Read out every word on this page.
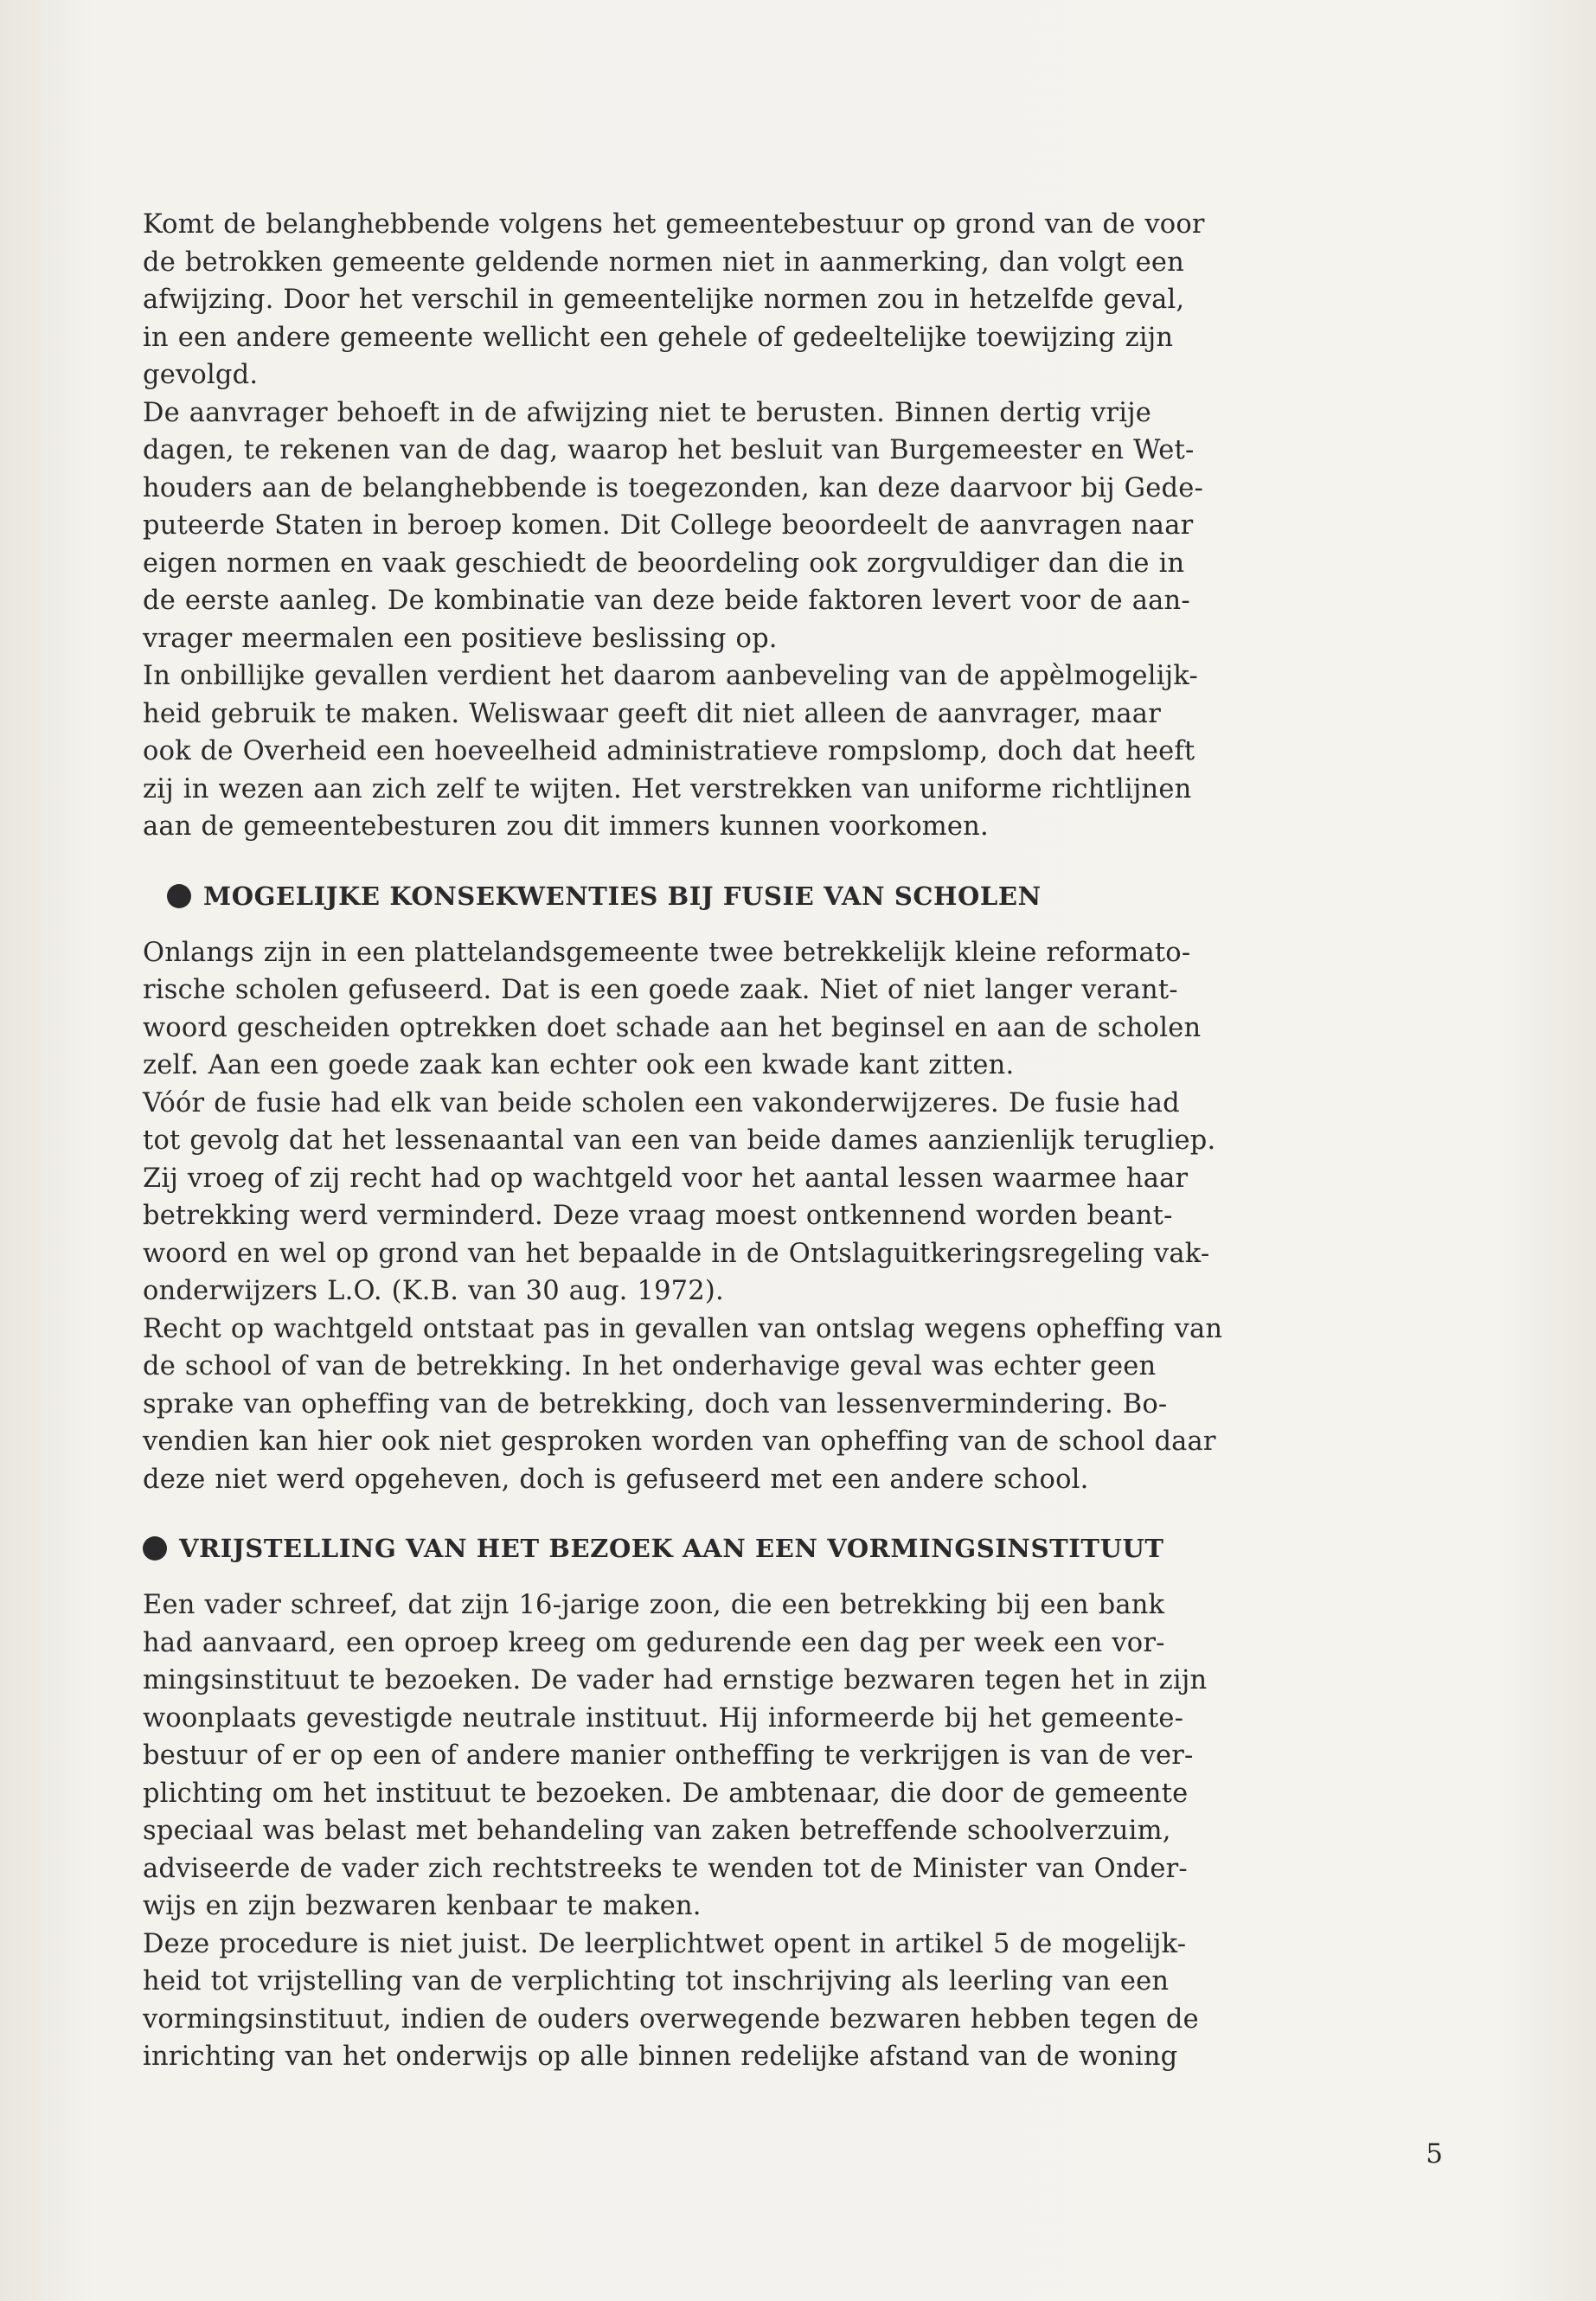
Komt de belanghebbende volgens het gemeentebestuur op grond van de voor
de betrokken gemeente geldende normen niet in aanmerking, dan volgt een
afwijzing. Door het verschil in gemeentelijke normen zou in hetzelfde geval,
in een andere gemeente wellicht een gehele of gedeeltelijke toewijzing zijn
gevolgd.
De aanvrager behoeft in de afwijzing niet te berusten. Binnen dertig vrije
dagen, te rekenen van de dag, waarop het besluit van Burgemeester en Wet-
houders aan de belanghebbende is toegezonden, kan deze daarvoor bij Gede-
puteerde Staten in beroep komen. Dit College beoordeelt de aanvragen naar
eigen normen en vaak geschiedt de beoordeling ook zorgvuldiger dan die in
de eerste aanleg. De kombinatie van deze beide faktoren levert voor de aan-
vrager meermalen een positieve beslissing op.
In onbillijke gevallen verdient het daarom aanbeveling van de appèlmogelijk-
heid gebruik te maken. Weliswaar geeft dit niet alleen de aanvrager, maar
ook de Overheid een hoeveelheid administratieve rompslomp, doch dat heeft
zij in wezen aan zich zelf te wijten. Het verstrekken van uniforme richtlijnen
aan de gemeentebesturen zou dit immers kunnen voorkomen.
MOGELIJKE KONSEKWENTIES BIJ FUSIE VAN SCHOLEN
Onlangs zijn in een plattelandsgemeente twee betrekkelijk kleine reformato-
rische scholen gefuseerd. Dat is een goede zaak. Niet of niet langer verant-
woord gescheiden optrekken doet schade aan het beginsel en aan de scholen
zelf. Aan een goede zaak kan echter ook een kwade kant zitten.
Vóór de fusie had elk van beide scholen een vakonderwijzeres. De fusie had
tot gevolg dat het lessenaantal van een van beide dames aanzienlijk terugliep.
Zij vroeg of zij recht had op wachtgeld voor het aantal lessen waarmee haar
betrekking werd verminderd. Deze vraag moest ontkennend worden beant-
woord en wel op grond van het bepaalde in de Ontslaguitkeringsregeling vak-
onderwijzers L.O. (K.B. van 30 aug. 1972).
Recht op wachtgeld ontstaat pas in gevallen van ontslag wegens opheffing van
de school of van de betrekking. In het onderhavige geval was echter geen
sprake van opheffing van de betrekking, doch van lessenvermindering. Bo-
vendien kan hier ook niet gesproken worden van opheffing van de school daar
deze niet werd opgeheven, doch is gefuseerd met een andere school.
VRIJSTELLING VAN HET BEZOEK AAN EEN VORMINGSINSTITUUT
Een vader schreef, dat zijn 16-jarige zoon, die een betrekking bij een bank
had aanvaard, een oproep kreeg om gedurende een dag per week een vor-
mingsinstituut te bezoeken. De vader had ernstige bezwaren tegen het in zijn
woonplaats gevestigde neutrale instituut. Hij informeerde bij het gemeente-
bestuur of er op een of andere manier ontheffing te verkrijgen is van de ver-
plichting om het instituut te bezoeken. De ambtenaar, die door de gemeente
speciaal was belast met behandeling van zaken betreffende schoolverzuim,
adviseerde de vader zich rechtstreeks te wenden tot de Minister van Onder-
wijs en zijn bezwaren kenbaar te maken.
Deze procedure is niet juist. De leerplichtwet opent in artikel 5 de mogelijk-
heid tot vrijstelling van de verplichting tot inschrijving als leerling van een
vormingsinstituut, indien de ouders overwegende bezwaren hebben tegen de
inrichting van het onderwijs op alle binnen redelijke afstand van de woning
5
